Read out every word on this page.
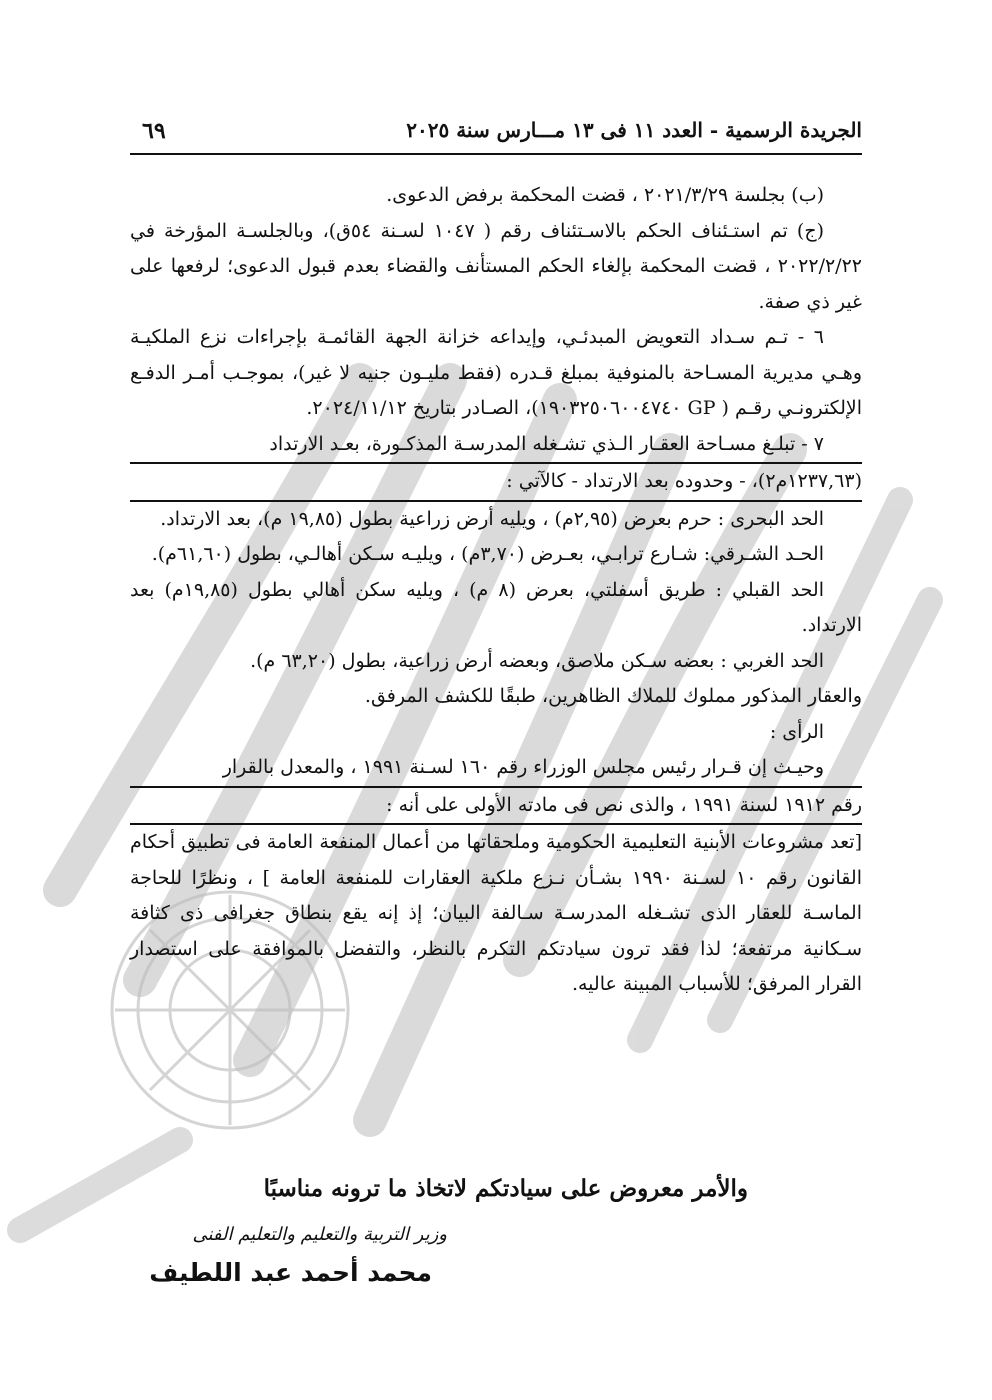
الجريدة الرسمية - العدد ١١ فى ١٣ مـــارس سنة ٢٠٢٥
٦٩

(ب) بجلسة ٢٠٢١/٣/٢٩ ، قضت المحكمة برفض الدعوى.

(ج) تم استـئناف الحكم بالاسـتئناف رقم ( ١٠٤٧ لسـنة ٥٤ق)، وبالجلسـة المؤرخة في ٢٠٢٢/٢/٢٢ ، قضت المحكمة بإلغاء الحكم المستأنف والقضاء بعدم قبول الدعوى؛ لرفعها على غير ذي صفة.

٦ - تـم سـداد التعويض المبدئـي، وإيداعه خزانة الجهة القائمـة بإجراءات نزع الملكيـة وهـي مديرية المسـاحة بالمنوفية بمبلغ قـدره (فقط مليـون جنيه لا غير)، بموجـب أمـر الدفـع الإلكترونـي رقـم ( GP ١٩٠٣٢٥٠٦٠٠٤٧٤٠)، الصـادر بتاريخ ٢٠٢٤/١١/١٢.

٧ - تبلـغ مسـاحة العقـار الـذي تشـغله المدرسـة المذكـورة، بعـد الارتداد

(١٢٣٧,٦٣م٢)، - وحدوده بعد الارتداد - كالآتي :

الحد البحرى : حرم بعرض (٢,٩٥م) ، ويليه أرض زراعية بطول (١٩,٨٥ م)، بعد الارتداد.

الحـد الشـرقي: شـارع ترابـي، بعـرض (٣,٧٠م) ، ويليـه سـكن أهالـي، بطول (٦١,٦٠م).

الحد القبلي : طريق أسفلتي، بعرض (٨ م) ، ويليه سكن أهالي بطول (١٩,٨٥م) بعد الارتداد.

الحد الغربي : بعضه سـكن ملاصق، وبعضه أرض زراعية، بطول (٦٣,٢٠ م).

والعقار المذكور مملوك للملاك الظاهرين، طبقًا للكشف المرفق.

الرأى :

وحيـث إن قـرار رئيس مجلس الوزراء رقم ١٦٠ لسـنة ١٩٩١ ، والمعدل بالقرار

رقم ١٩١٢ لسنة ١٩٩١ ، والذى نص فى مادته الأولى على أنه :

[تعد مشروعات الأبنية التعليمية الحكومية وملحقاتها من أعمال المنفعة العامة فى تطبيق أحكام القانون رقم ١٠ لسـنة ١٩٩٠ بشـأن نـزع ملكية العقارات للمنفعة العامة ] ، ونظرًا للحاجة الماسـة للعقار الذى تشـغله المدرسـة سـالفة البيان؛ إذ إنه يقع بنطاق جغرافى ذى كثافة سـكانية مرتفعة؛ لذا فقد ترون سيادتكم التكرم بالنظر، والتفضل بالموافقة على استصدار القرار المرفق؛ للأسباب المبينة عاليه.

والأمر معروض على سيادتكم لاتخاذ ما ترونه مناسبًا
وزير التربية والتعليم والتعليم الفنى
محمد أحمد عبد اللطيف
